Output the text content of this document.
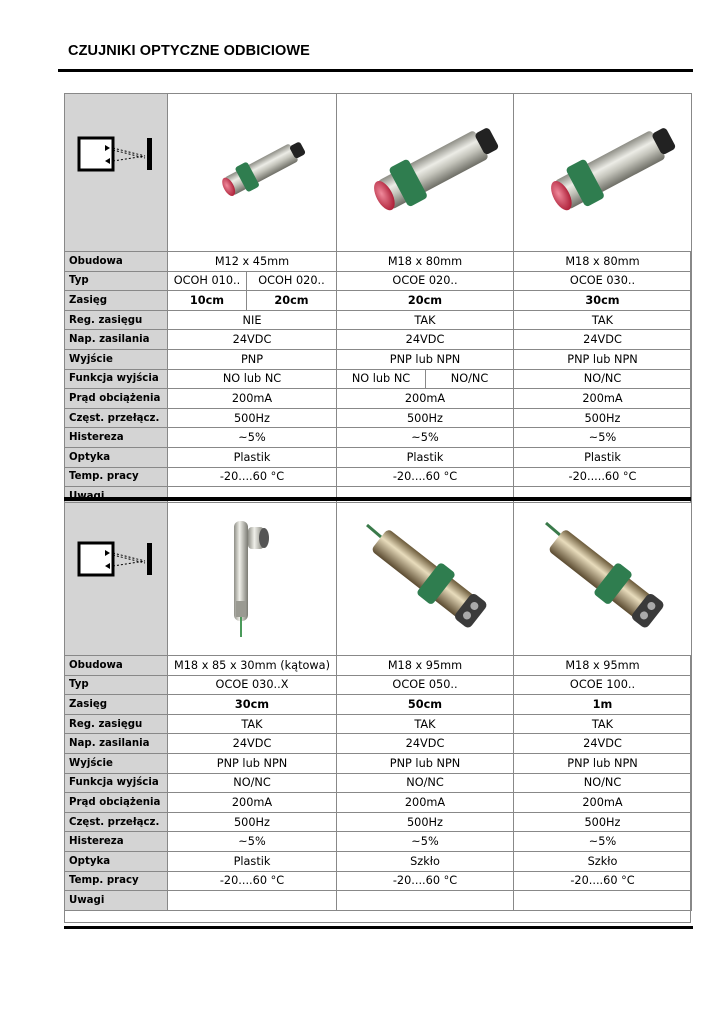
CZUJNIKI OPTYCZNE ODBICIOWE

Obudowa	M12 x 45mm		M18 x 80mm		M18 x 80mm
Typ	OCOH 010..	OCOH 020..	OCOE 020..		OCOE 030..
Zasięg	10cm	20cm	20cm		30cm
Reg. zasięgu	NIE		TAK		TAK
Nap. zasilania	24VDC		24VDC		24VDC
Wyjście	PNP		PNP lub NPN		PNP lub NPN
Funkcja wyjścia	NO lub NC		NO lub NC	NO/NC	NO/NC
Prąd obciążenia	200mA		200mA		200mA
Częst. przełącz.	500Hz		500Hz		500Hz
Histereza	~5%		~5%		~5%
Optyka	Plastik		Plastik		Plastik
Temp. pracy	-20....60 °C		-20....60 °C		-20.....60 °C

Obudowa	M18 x 85 x 30mm (kątowa)	M18 x 95mm	M18 x 95mm
Typ	OCOE 030..X	OCOE 050..	OCOE 100..
Zasięg	30cm	50cm	1m
Reg. zasięgu	TAK	TAK	TAK
Nap. zasilania	24VDC	24VDC	24VDC
Wyjście	PNP lub NPN	PNP lub NPN	PNP lub NPN
Funkcja wyjścia	NO/NC	NO/NC	NO/NC
Prąd obciążenia	200mA	200mA	200mA
Częst. przełącz.	500Hz	500Hz	500Hz
Histereza	~5%	~5%	~5%
Optyka	Plastik	Szkło	Szkło
Temp. pracy	-20....60 °C	-20....60 °C	-20....60 °C
Uwagi			
